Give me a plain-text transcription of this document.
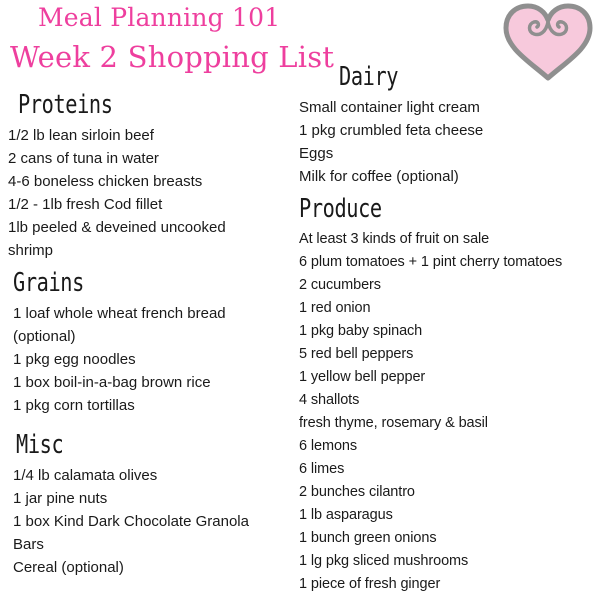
Meal Planning 101
Week 2 Shopping List
Proteins
1/2 lb lean sirloin beef
2 cans of tuna in water
4-6 boneless chicken breasts
1/2 - 1lb fresh Cod fillet
1lb peeled & deveined uncooked
shrimp
Grains
1 loaf whole wheat french bread
(optional)
1 pkg egg noodles
1 box boil-in-a-bag brown rice
1 pkg corn tortillas
Misc
1/4 lb calamata olives
1 jar pine nuts
1 box Kind Dark Chocolate Granola
Bars
Cereal (optional)
Dairy
Small container light cream
1 pkg crumbled feta cheese
Eggs
Milk for coffee (optional)
Produce
At least 3 kinds of fruit on sale
6 plum tomatoes + 1 pint cherry tomatoes
2 cucumbers
1 red onion
1 pkg baby spinach
5 red bell peppers
1 yellow bell pepper
4 shallots
fresh thyme, rosemary & basil
6 lemons
6 limes
2 bunches cilantro
1 lb asparagus
1 bunch green onions
1 lg pkg sliced mushrooms
1 piece of fresh ginger
